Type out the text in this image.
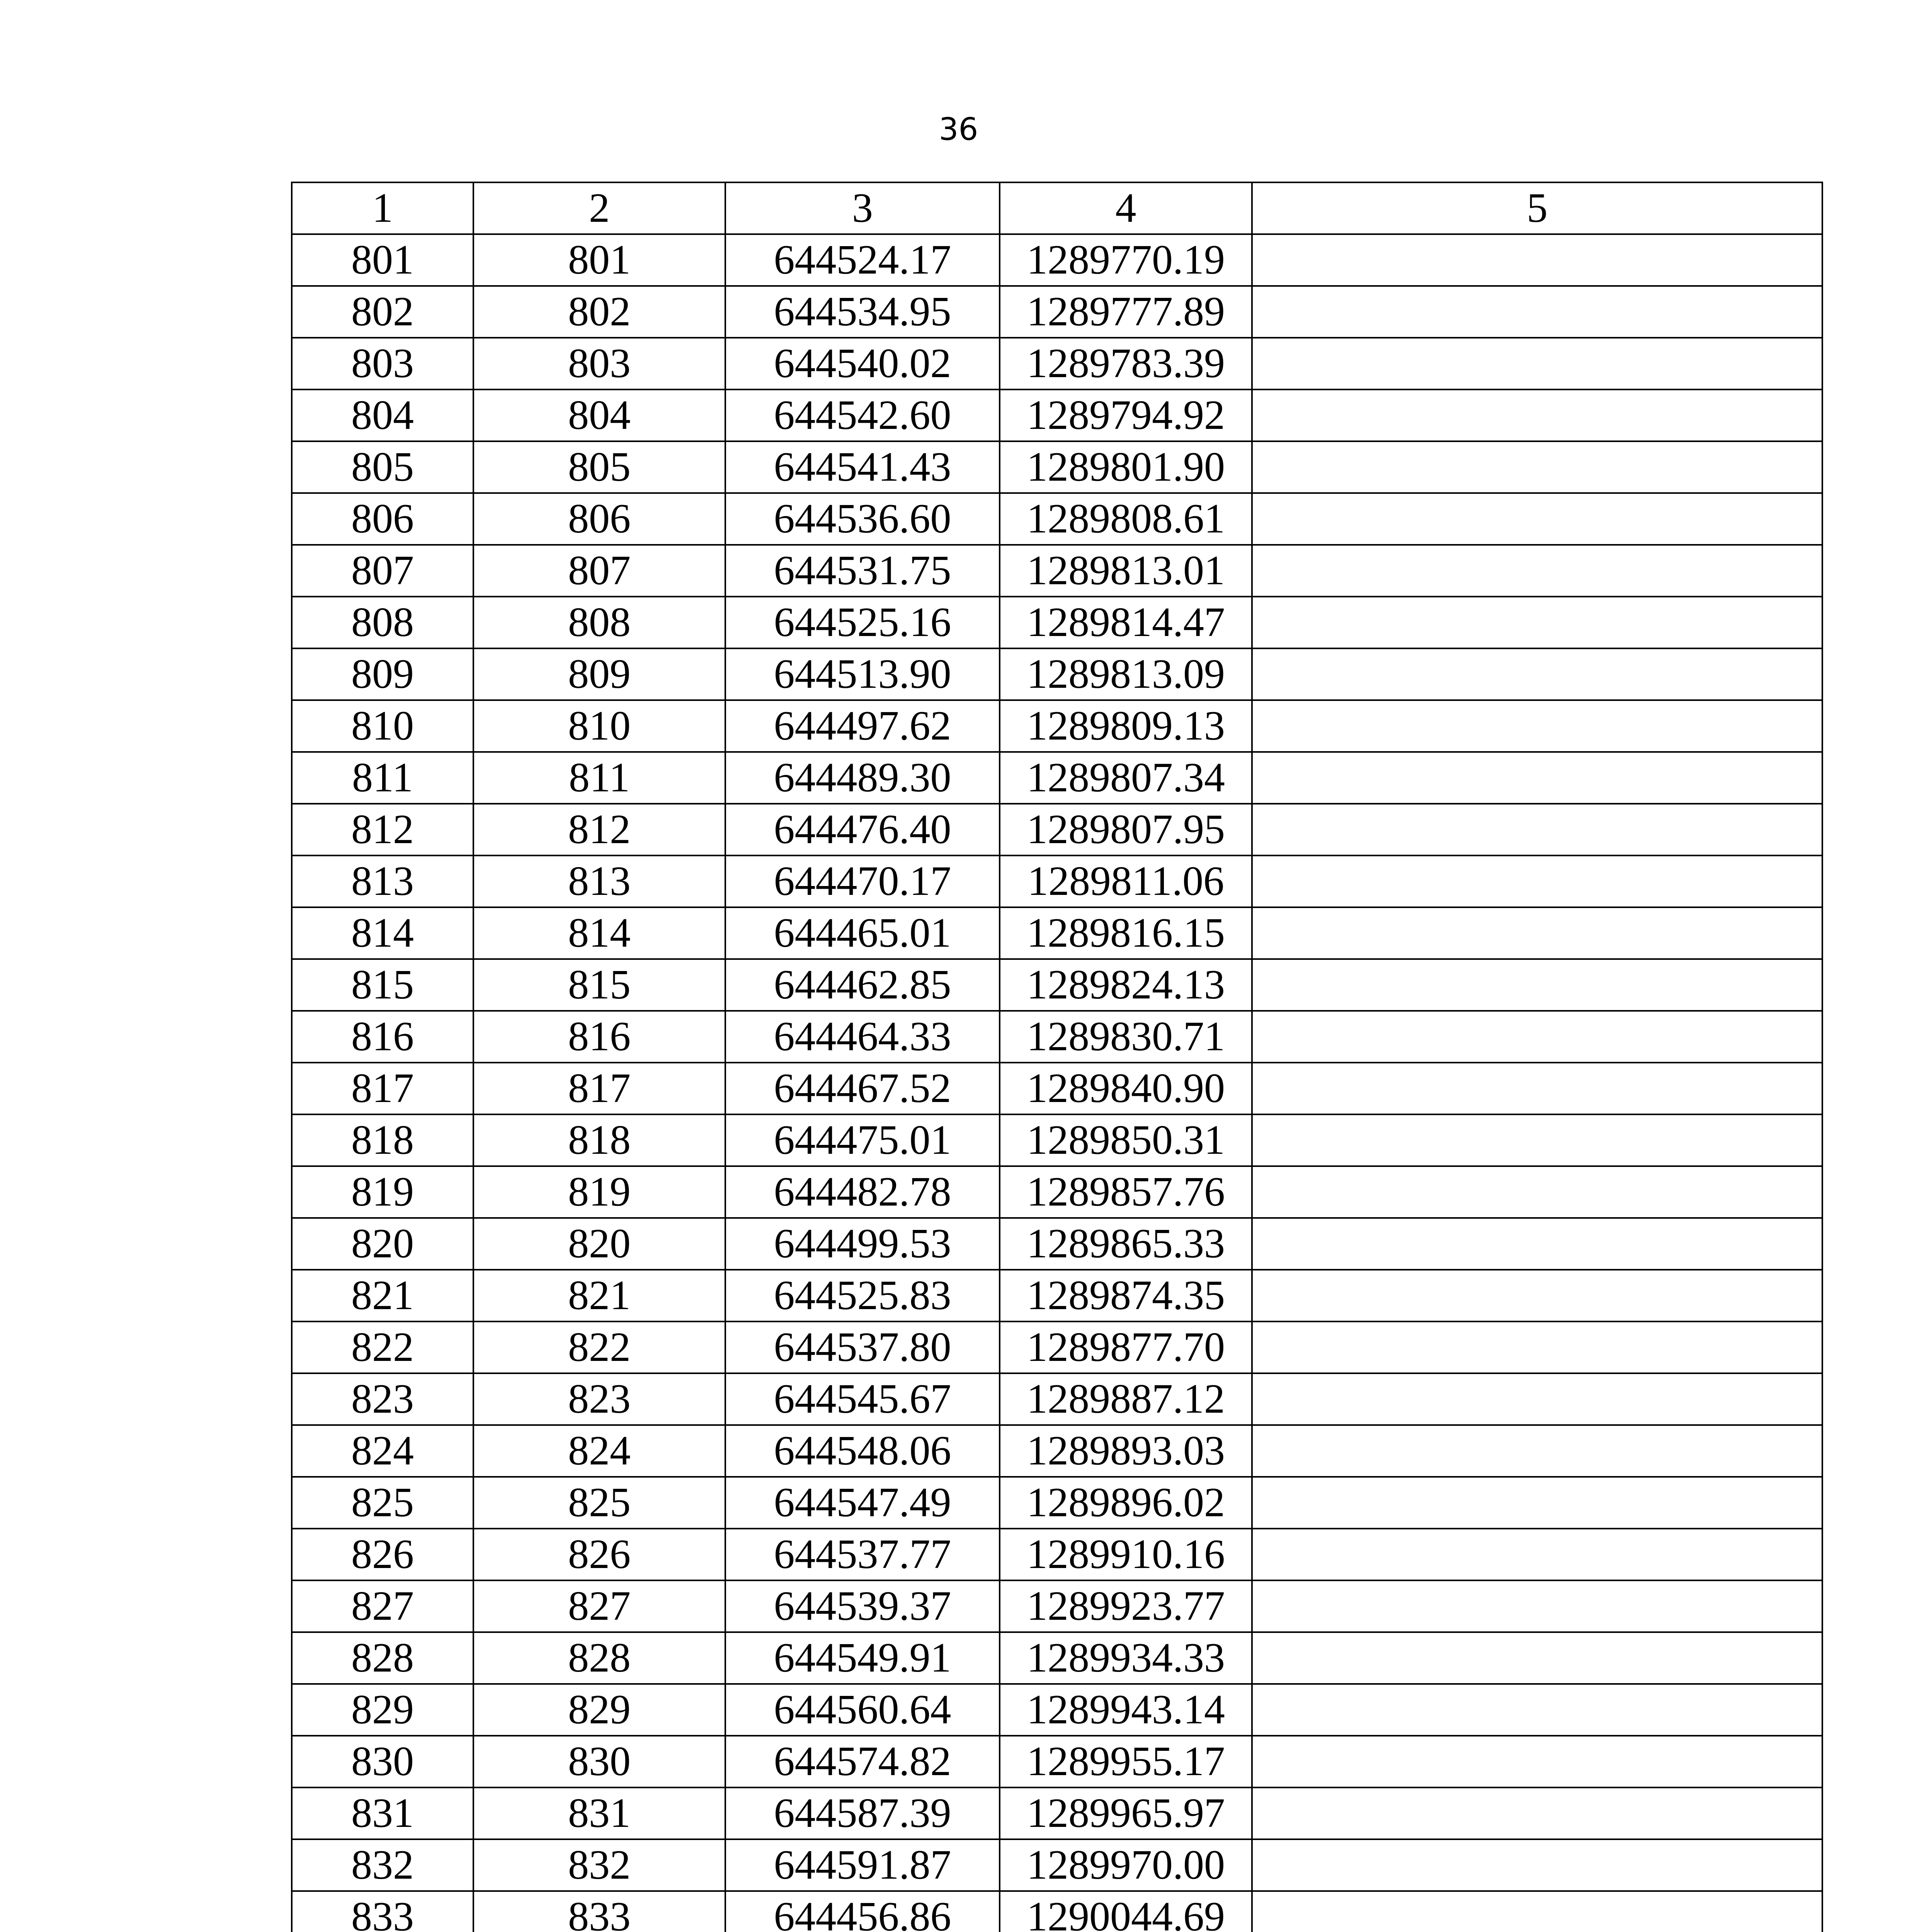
36
1	2	3	4	5
801	801	644524.17	1289770.19	
802	802	644534.95	1289777.89	
803	803	644540.02	1289783.39	
804	804	644542.60	1289794.92	
805	805	644541.43	1289801.90	
806	806	644536.60	1289808.61	
807	807	644531.75	1289813.01	
808	808	644525.16	1289814.47	
809	809	644513.90	1289813.09	
810	810	644497.62	1289809.13	
811	811	644489.30	1289807.34	
812	812	644476.40	1289807.95	
813	813	644470.17	1289811.06	
814	814	644465.01	1289816.15	
815	815	644462.85	1289824.13	
816	816	644464.33	1289830.71	
817	817	644467.52	1289840.90	
818	818	644475.01	1289850.31	
819	819	644482.78	1289857.76	
820	820	644499.53	1289865.33	
821	821	644525.83	1289874.35	
822	822	644537.80	1289877.70	
823	823	644545.67	1289887.12	
824	824	644548.06	1289893.03	
825	825	644547.49	1289896.02	
826	826	644537.77	1289910.16	
827	827	644539.37	1289923.77	
828	828	644549.91	1289934.33	
829	829	644560.64	1289943.14	
830	830	644574.82	1289955.17	
831	831	644587.39	1289965.97	
832	832	644591.87	1289970.00	
833	833	644456.86	1290044.69	
